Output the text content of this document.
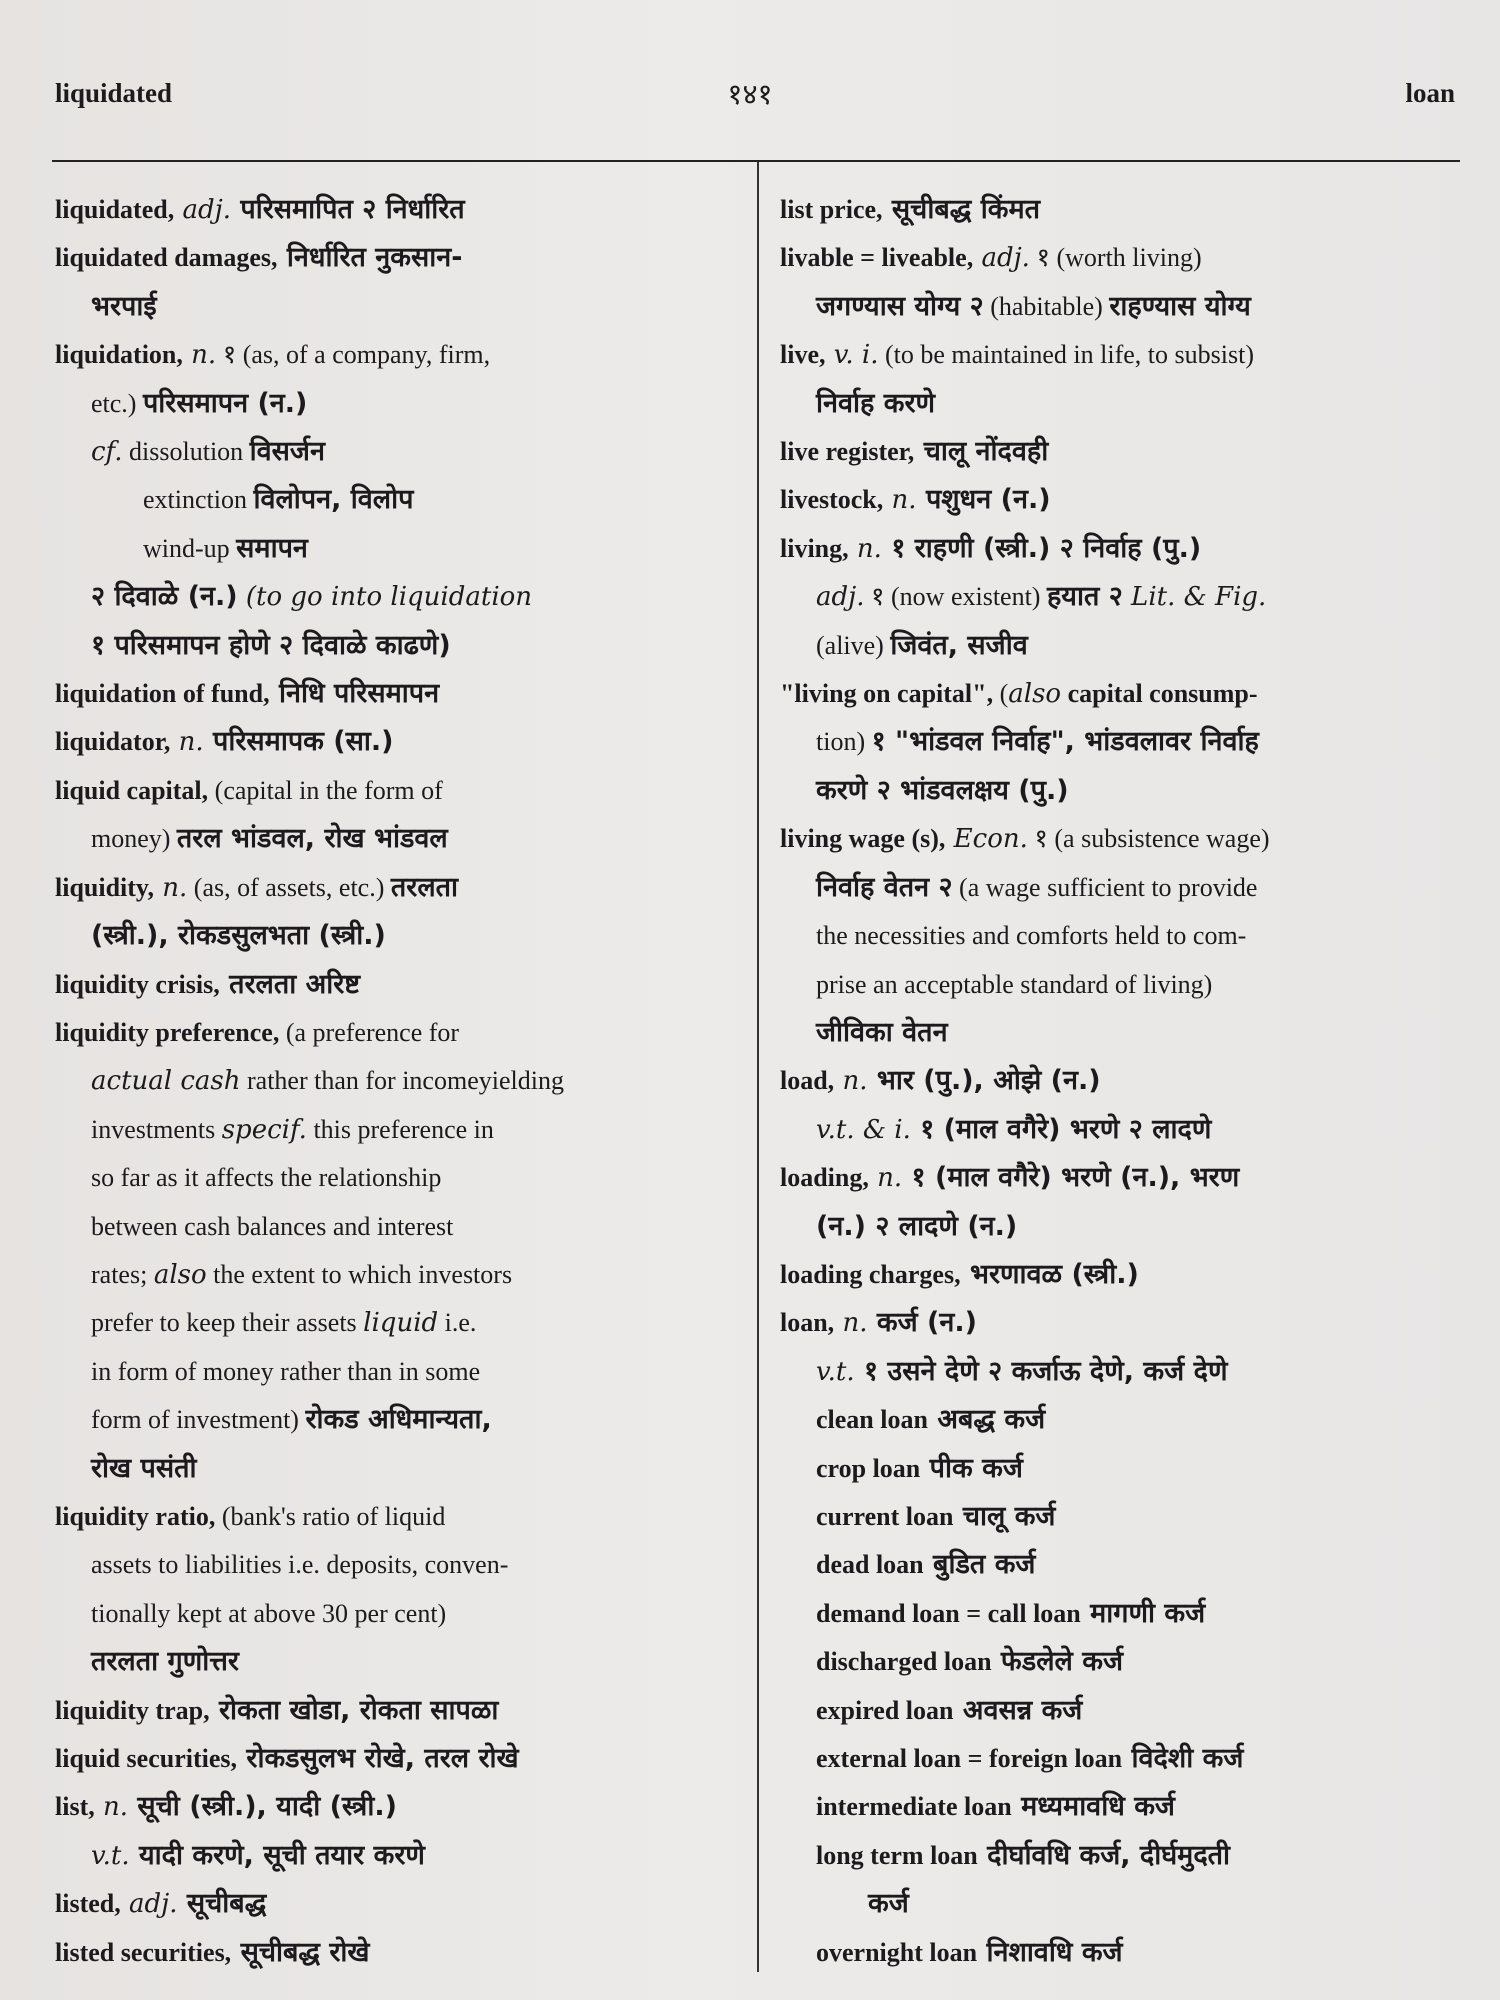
liquidated	१४१	loan

liquidated, adj. परिसमापित २ निर्धारित

liquidated damages, निर्धारित नुकसान-

भरपाई

liquidation, n. १ (as, of a company, firm,

etc.) परिसमापन (न.)

cf. dissolution विसर्जन

extinction विलोपन, विलोप

wind-up समापन

२ दिवाळे (न.) (to go into liquidation

१ परिसमापन होणे २ दिवाळे काढणे)

liquidation of fund, निधि परिसमापन

liquidator, n. परिसमापक (सा.)

liquid capital, (capital in the form of

money) तरल भांडवल, रोख भांडवल

liquidity, n. (as, of assets, etc.) तरलता

(स्त्री.), रोकडसुलभता (स्त्री.)

liquidity crisis, तरलता अरिष्ट

liquidity preference, (a preference for

actual cash rather than for incomeyielding

investments specif. this preference in

so far as it affects the relationship

between cash balances and interest

rates; also the extent to which investors

prefer to keep their assets liquid i.e.

in form of money rather than in some

form of investment) रोकड अधिमान्यता,

रोख पसंती

liquidity ratio, (bank's ratio of liquid

assets to liabilities i.e. deposits, conven-

tionally kept at above 30 per cent)

तरलता गुणोत्तर

liquidity trap, रोकता खोडा, रोकता सापळा

liquid securities, रोकडसुलभ रोखे, तरल रोखे

list, n. सूची (स्त्री.), यादी (स्त्री.)

v.t. यादी करणे, सूची तयार करणे

listed, adj. सूचीबद्ध

listed securities, सूचीबद्ध रोखे

list price, सूचीबद्ध किंमत

livable = liveable, adj. १ (worth living)

जगण्यास योग्य २ (habitable) राहण्यास योग्य

live, v. i. (to be maintained in life, to subsist)

निर्वाह करणे

live register, चालू नोंदवही

livestock, n. पशुधन (न.)

living, n. १ राहणी (स्त्री.) २ निर्वाह (पु.)

adj. १ (now existent) हयात २ Lit. & Fig.

(alive) जिवंत, सजीव

"living on capital", (also capital consump-

tion) १ "भांडवल निर्वाह", भांडवलावर निर्वाह

करणे २ भांडवलक्षय (पु.)

living wage (s), Econ. १ (a subsistence wage)

निर्वाह वेतन २ (a wage sufficient to provide

the necessities and comforts held to com-

prise an acceptable standard of living)

जीविका वेतन

load, n. भार (पु.), ओझे (न.)

v.t. & i. १ (माल वगैरे) भरणे २ लादणे

loading, n. १ (माल वगैरे) भरणे (न.), भरण

(न.) २ लादणे (न.)

loading charges, भरणावळ (स्त्री.)

loan, n. कर्ज (न.)

v.t. १ उसने देणे २ कर्जाऊ देणे, कर्ज देणे

clean loan अबद्ध कर्ज

crop loan पीक कर्ज

current loan चालू कर्ज

dead loan बुडित कर्ज

demand loan = call loan मागणी कर्ज

discharged loan फेडलेले कर्ज

expired loan अवसन्न कर्ज

external loan = foreign loan विदेशी कर्ज

intermediate loan मध्यमावधि कर्ज

long term loan दीर्घावधि कर्ज, दीर्घमुदती

कर्ज

overnight loan निशावधि कर्ज
